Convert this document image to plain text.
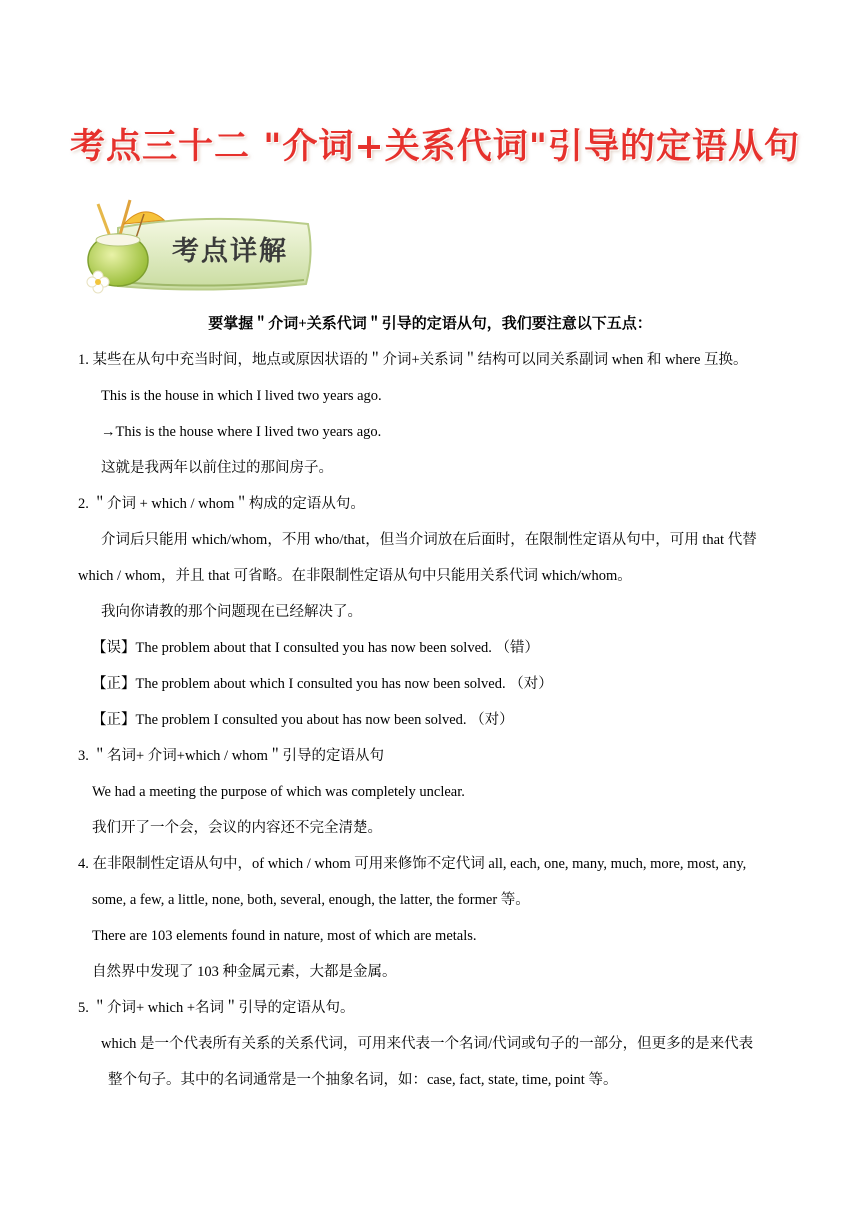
考点三十二 "介词+关系代词"引导的定语从句
考点详解
要掌握＂介词+关系代词＂引导的定语从句，我们要注意以下五点：
1. 某些在从句中充当时间，地点或原因状语的＂介词+关系词＂结构可以同关系副词 when 和 where 互换。
This is the house in which I lived two years ago.
→This is the house where I lived two years ago.
这就是我两年以前住过的那间房子。
2. ＂介词 + which / whom＂构成的定语从句。
介词后只能用 which/whom，不用 who/that，但当介词放在后面时，在限制性定语从句中，可用 that 代替
which / whom，并且 that 可省略。在非限制性定语从句中只能用关系代词 which/whom。
我向你请教的那个问题现在已经解决了。
【误】The problem about that I consulted you has now been solved. （错）
【正】The problem about which I consulted you has now been solved. （对）
【正】The problem I consulted you about has now been solved. （对）
3. ＂名词+ 介词+which / whom＂引导的定语从句
We had a meeting the purpose of which was completely unclear.
我们开了一个会，会议的内容还不完全清楚。
4. 在非限制性定语从句中，of which / whom 可用来修饰不定代词 all, each, one, many, much, more, most, any,
some, a few, a little, none, both, several, enough, the latter, the former 等。
There are 103 elements found in nature, most of which are metals.
自然界中发现了 103 种金属元素，大都是金属。
5. ＂介词+ which +名词＂引导的定语从句。
which 是一个代表所有关系的关系代词，可用来代表一个名词/代词或句子的一部分，但更多的是来代表
整个句子。其中的名词通常是一个抽象名词，如：case, fact, state, time, point 等。
